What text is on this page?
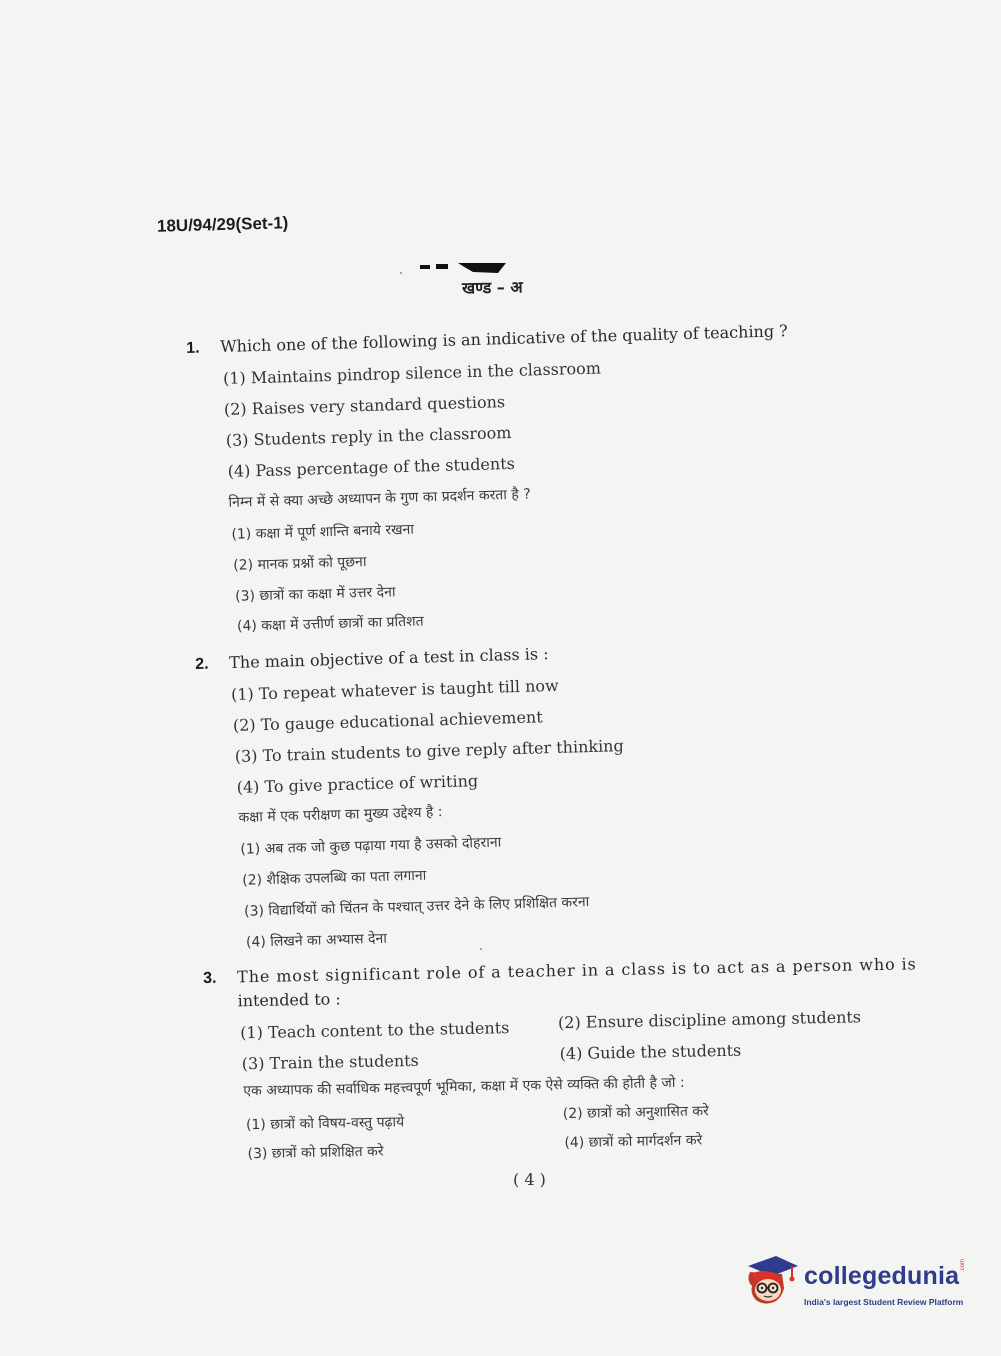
18U/94/29(Set-1)
खण्ड – अ
1. Which one of the following is an indicative of the quality of teaching ?
(1) Maintains pindrop silence in the classroom
(2) Raises very standard questions
(3) Students reply in the classroom
(4) Pass percentage of the students
निम्न में से क्या अच्छे अध्यापन के गुण का प्रदर्शन करता है ?
(1) कक्षा में पूर्ण शान्ति बनाये रखना
(2) मानक प्रश्नों को पूछना
(3) छात्रों का कक्षा में उत्तर देना
(4) कक्षा में उत्तीर्ण छात्रों का प्रतिशत
2. The main objective of a test in class is :
(1) To repeat whatever is taught till now
(2) To gauge educational achievement
(3) To train students to give reply after thinking
(4) To give practice of writing
कक्षा में एक परीक्षण का मुख्य उद्देश्य है :
(1) अब तक जो कुछ पढ़ाया गया है उसको दोहराना
(2) शैक्षिक उपलब्धि का पता लगाना
(3) विद्यार्थियों को चिंतन के पश्चात् उत्तर देने के लिए प्रशिक्षित करना
(4) लिखने का अभ्यास देना
3. The most significant role of a teacher in a class is to act as a person who is
intended to :
(1) Teach content to the students	(2) Ensure discipline among students
(3) Train the students	(4) Guide the students
एक अध्यापक की सर्वाधिक महत्त्वपूर्ण भूमिका, कक्षा में एक ऐसे व्यक्ति की होती है जो :
(1) छात्रों को विषय-वस्तु पढ़ाये
(2) छात्रों को अनुशासित करे
(3) छात्रों को प्रशिक्षित करे
(4) छात्रों को मार्गदर्शन करे
( 4 )
collegedunia .com
India's largest Student Review Platform
